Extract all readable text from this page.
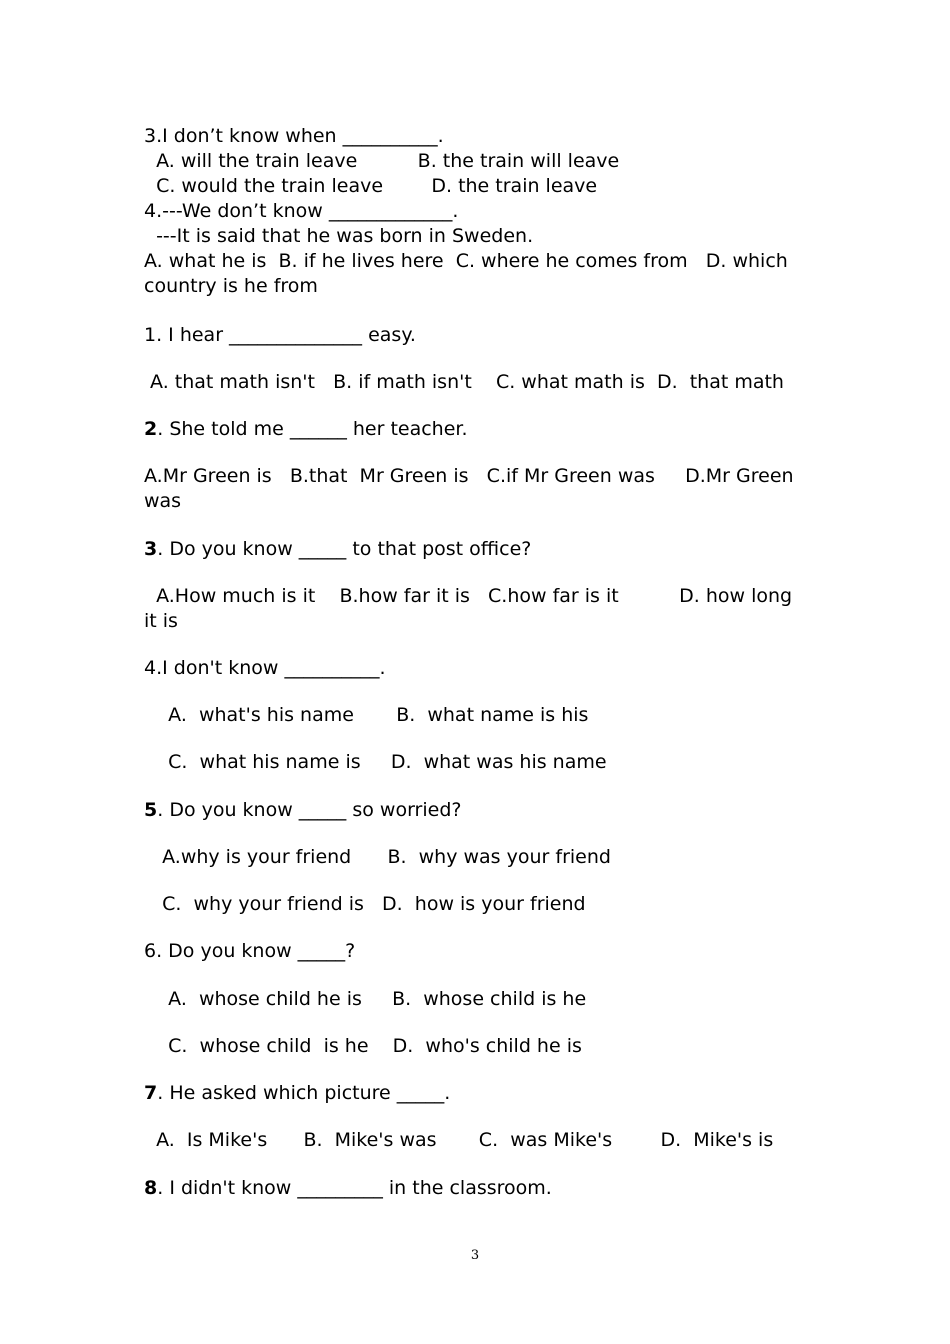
3.I don’t know when __________.
A. will the train leave          B. the train will leave
C. would the train leave        D. the train leave
4.---We don’t know _____________.
---It is said that he was born in Sweden.
A. what he is  B. if he lives here  C. where he comes from   D. which country is he from
1. I hear ______________ easy.
A. that math isn't   B. if math isn't    C. what math is  D.  that math
2. She told me ______ her teacher.
A.Mr Green is   B.that  Mr Green is   C.if Mr Green was     D.Mr Green was
3. Do you know _____ to that post office?
A.How much is it    B.how far it is   C.how far is it          D. how long it is
4.I don't know __________.
A.  what's his name       B.  what name is his
C.  what his name is     D.  what was his name
5. Do you know _____ so worried?
A.why is your friend      B.  why was your friend
C.  why your friend is   D.  how is your friend
6. Do you know _____?
A.  whose child he is     B.  whose child is he
C.  whose child  is he    D.  who's child he is
7. He asked which picture _____.
A.  Is Mike's      B.  Mike's was       C.  was Mike's        D.  Mike's is
8. I didn't know _________ in the classroom.
3
